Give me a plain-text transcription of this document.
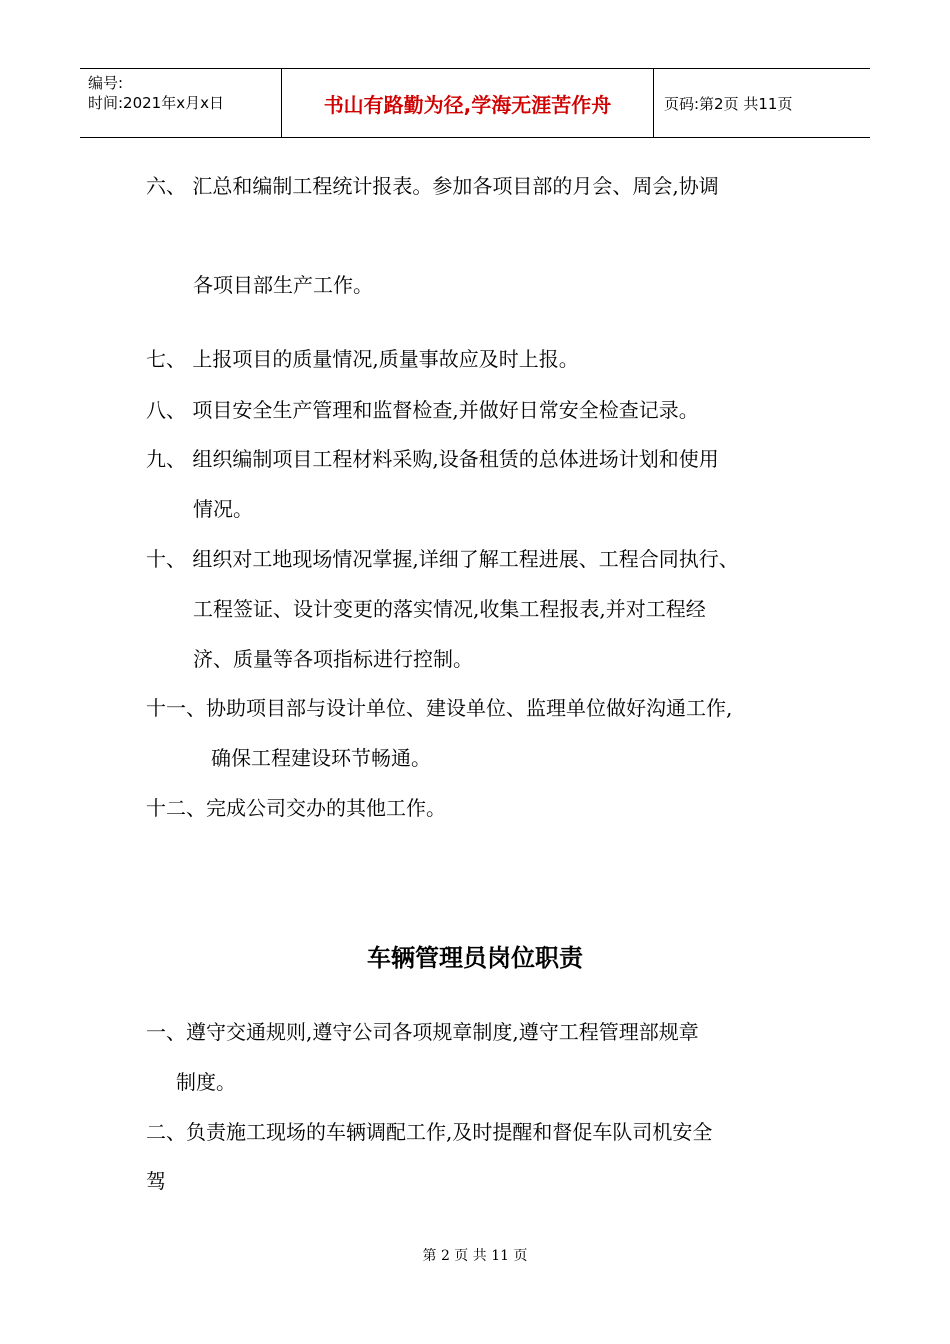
编号:
时间:2021年x月x日	书山有路勤为径,学海无涯苦作舟	页码:第2页 共11页
六、 汇总和编制工程统计报表。参加各项目部的月会、周会,协调
各项目部生产工作。
七、 上报项目的质量情况,质量事故应及时上报。
八、 项目安全生产管理和监督检查,并做好日常安全检查记录。
九、 组织编制项目工程材料采购,设备租赁的总体进场计划和使用
情况。
十、 组织对工地现场情况掌握,详细了解工程进展、工程合同执行、
工程签证、设计变更的落实情况,收集工程报表,并对工程经
济、质量等各项指标进行控制。
十一、协助项目部与设计单位、建设单位、监理单位做好沟通工作,
确保工程建设环节畅通。
十二、完成公司交办的其他工作。
车辆管理员岗位职责
一、遵守交通规则,遵守公司各项规章制度,遵守工程管理部规章
制度。
二、负责施工现场的车辆调配工作,及时提醒和督促车队司机安全
驾
第 2 页 共 11 页
